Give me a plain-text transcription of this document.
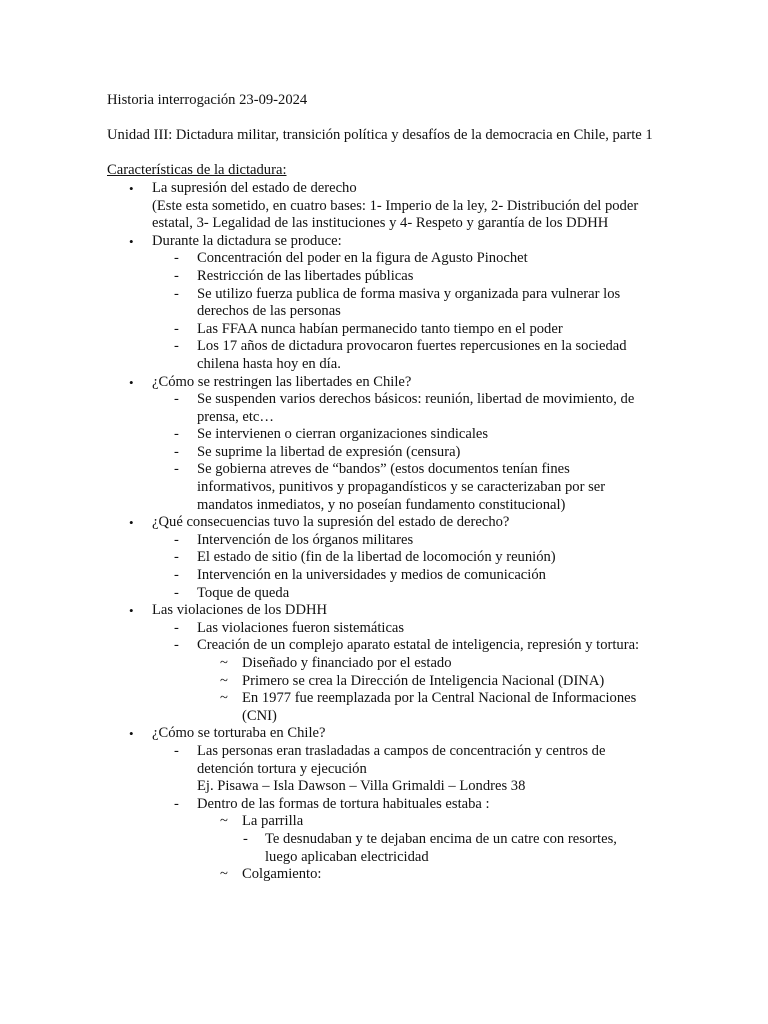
Historia interrogación 23-09-2024
Unidad III: Dictadura militar, transición política y desafíos de la democracia en Chile, parte 1
Características de la dictadura:
• La supresión del estado de derecho
(Este esta sometido, en cuatro bases: 1- Imperio de la ley, 2- Distribución del poder
estatal, 3- Legalidad de las instituciones y 4- Respeto y garantía de los DDHH
• Durante la dictadura se produce:
- Concentración del poder en la figura de Agusto Pinochet
- Restricción de las libertades públicas
- Se utilizo fuerza publica de forma masiva y organizada para vulnerar los derechos de las personas
- Las FFAA nunca habían permanecido tanto tiempo en el poder
- Los 17 años de dictadura provocaron fuertes repercusiones en la sociedad chilena hasta hoy en día.
• ¿Cómo se restringen las libertades en Chile?
- Se suspenden varios derechos básicos: reunión, libertad de movimiento, de prensa, etc…
- Se intervienen o cierran organizaciones sindicales
- Se suprime la libertad de expresión (censura)
- Se gobierna atreves de “bandos” (estos documentos tenían fines informativos, punitivos y propagandísticos y se caracterizaban por ser mandatos inmediatos, y no poseían fundamento constitucional)
• ¿Qué consecuencias tuvo la supresión del estado de derecho?
- Intervención de los órganos militares
- El estado de sitio (fin de la libertad de locomoción y reunión)
- Intervención en la universidades y medios de comunicación
- Toque de queda
• Las violaciones de los DDHH
- Las violaciones fueron sistemáticas
- Creación de un complejo aparato estatal de inteligencia, represión y tortura:
~ Diseñado y financiado por el estado
~ Primero se crea la Dirección de Inteligencia Nacional (DINA)
~ En 1977 fue reemplazada por la Central Nacional de Informaciones (CNI)
• ¿Cómo se torturaba en Chile?
- Las personas eran trasladadas a campos de concentración y centros de detención tortura y ejecución
Ej. Pisawa – Isla Dawson – Villa Grimaldi – Londres 38
- Dentro de las formas de tortura habituales estaba :
~ La parrilla
- Te desnudaban y te dejaban encima de un catre con resortes, luego aplicaban electricidad
~ Colgamiento:
